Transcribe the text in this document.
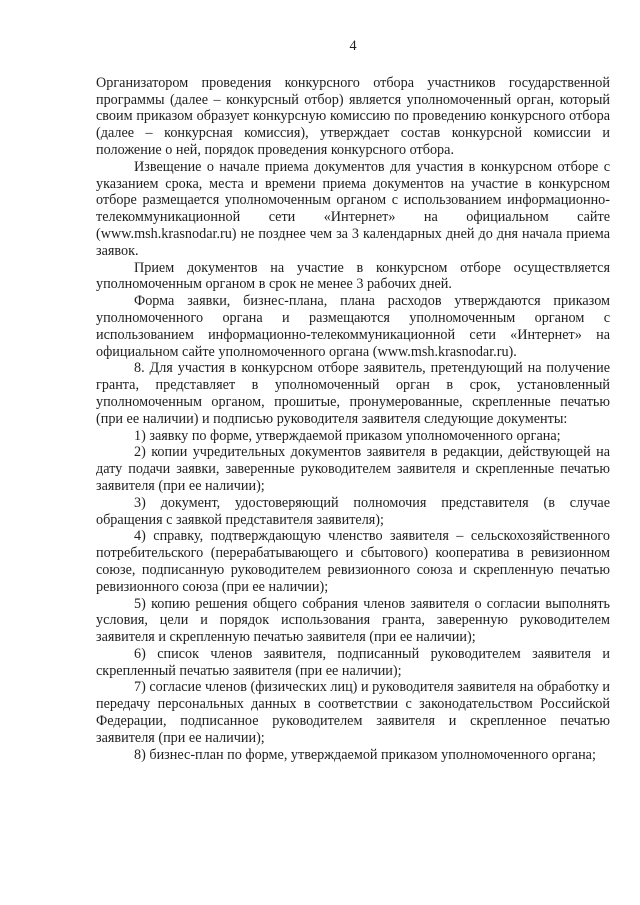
4

Организатором проведения конкурсного отбора участников государственной программы (далее – конкурсный отбор) является уполномоченный орган, который своим приказом образует конкурсную комиссию по проведению конкурсного отбора (далее – конкурсная комиссия), утверждает состав конкурсной комиссии и положение о ней, порядок проведения конкурсного отбора.

Извещение о начале приема документов для участия в конкурсном отборе с указанием срока, места и времени приема документов на участие в конкурсном отборе размещается уполномоченным органом с использованием информационно-телекоммуникационной сети «Интернет» на официальном сайте (www.msh.krasnodar.ru) не позднее чем за 3 календарных дней до дня начала приема заявок.

Прием документов на участие в конкурсном отборе осуществляется уполномоченным органом в срок не менее 3 рабочих дней.

Форма заявки, бизнес-плана, плана расходов утверждаются приказом уполномоченного органа и размещаются уполномоченным органом с использованием информационно-телекоммуникационной сети «Интернет» на официальном сайте уполномоченного органа (www.msh.krasnodar.ru).

8. Для участия в конкурсном отборе заявитель, претендующий на получение гранта, представляет в уполномоченный орган в срок, установленный уполномоченным органом, прошитые, пронумерованные, скрепленные печатью (при ее наличии) и подписью руководителя заявителя следующие документы:

1) заявку по форме, утверждаемой приказом уполномоченного органа;

2) копии учредительных документов заявителя в редакции, действующей на дату подачи заявки, заверенные руководителем заявителя и скрепленные печатью заявителя (при ее наличии);

3) документ, удостоверяющий полномочия представителя (в случае обращения с заявкой представителя заявителя);

4) справку, подтверждающую членство заявителя – сельскохозяйственного потребительского (перерабатывающего и сбытового) кооператива в ревизионном союзе, подписанную руководителем ревизионного союза и скрепленную печатью ревизионного союза (при ее наличии);

5) копию решения общего собрания членов заявителя о согласии выполнять условия, цели и порядок использования гранта, заверенную руководителем заявителя и скрепленную печатью заявителя (при ее наличии);

6) список членов заявителя, подписанный руководителем заявителя и скрепленный печатью заявителя (при ее наличии);

7) согласие членов (физических лиц) и руководителя заявителя на обработку и передачу персональных данных в соответствии с законодательством Российской Федерации, подписанное руководителем заявителя и скрепленное печатью заявителя (при ее наличии);

8) бизнес-план по форме, утверждаемой приказом уполномоченного органа;
